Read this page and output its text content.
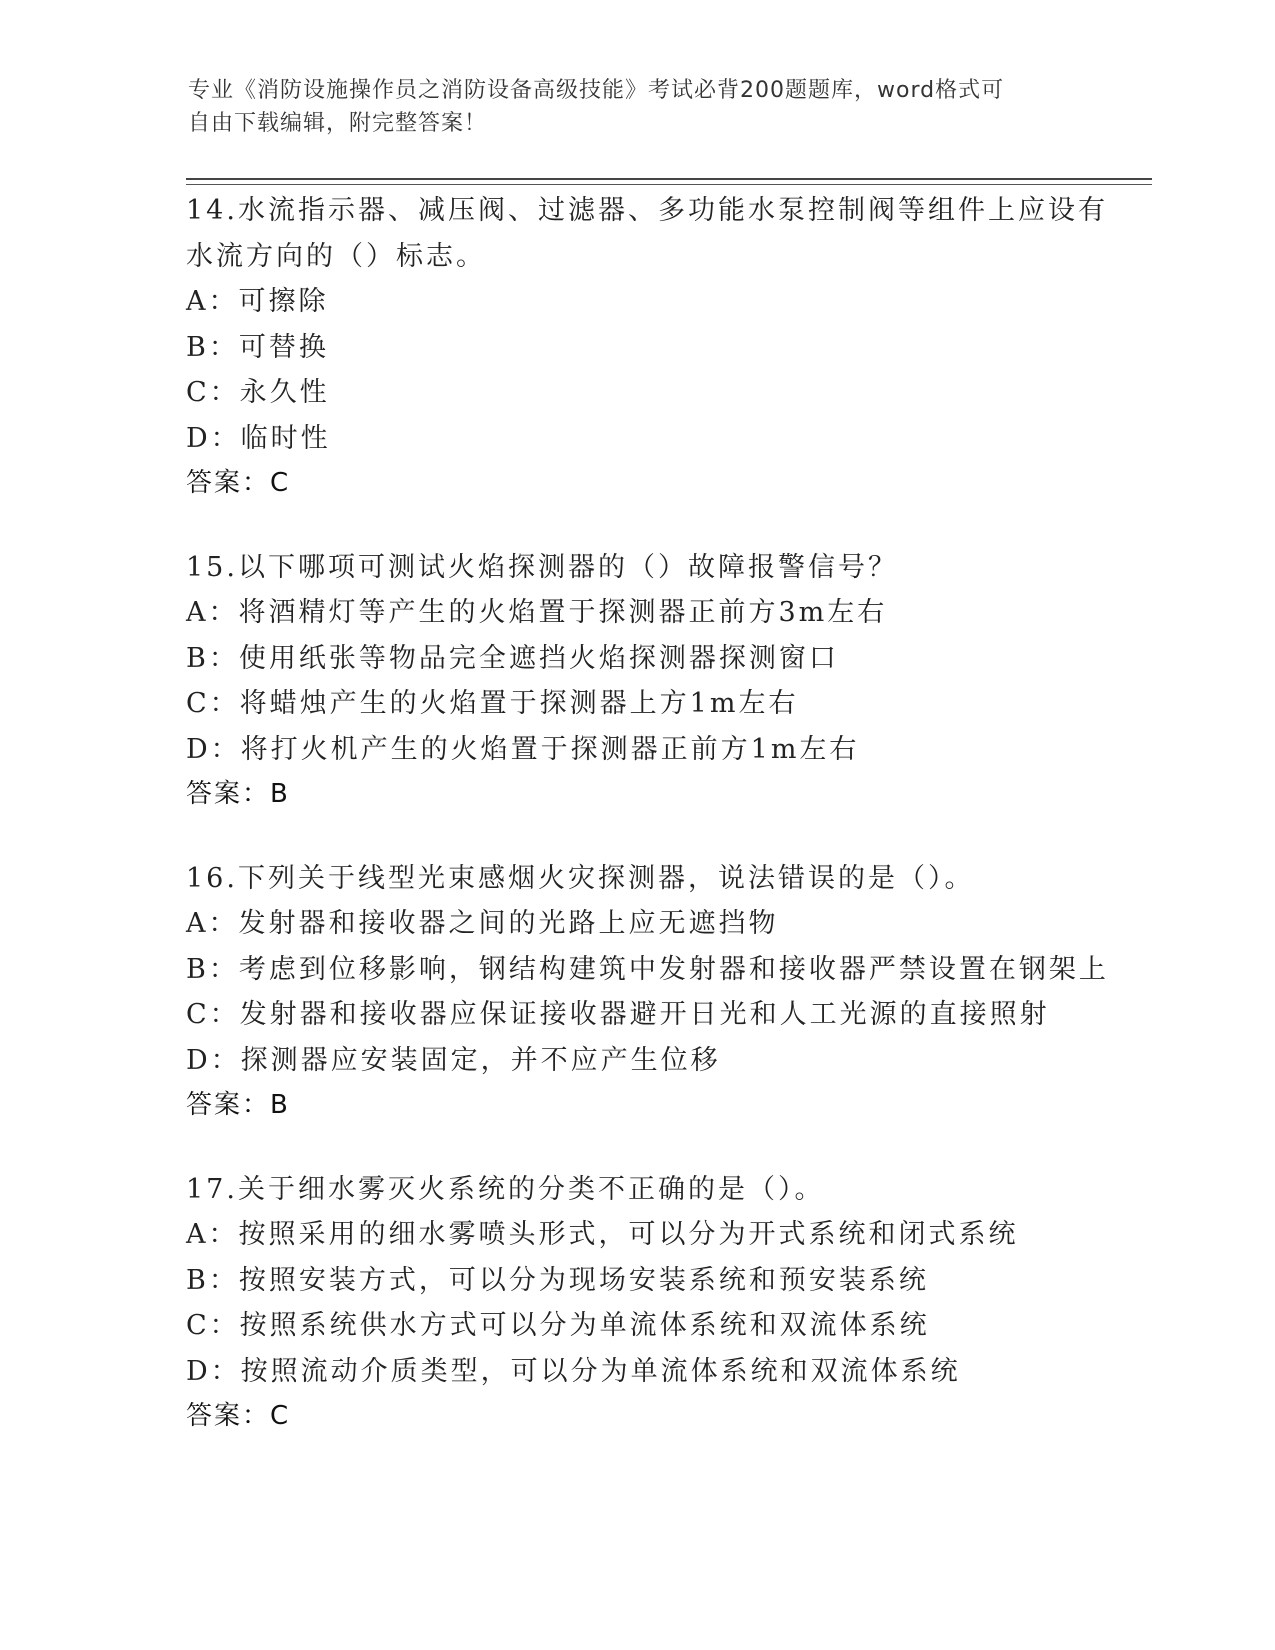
专业《消防设施操作员之消防设备高级技能》考试必背200题题库，word格式可
自由下载编辑，附完整答案！
14.水流指示器、减压阀、过滤器、多功能水泵控制阀等组件上应设有
水流方向的（）标志。
A：可擦除
B：可替换
C：永久性
D：临时性
答案：C
15.以下哪项可测试火焰探测器的（）故障报警信号？
A：将酒精灯等产生的火焰置于探测器正前方3m左右
B：使用纸张等物品完全遮挡火焰探测器探测窗口
C：将蜡烛产生的火焰置于探测器上方1m左右
D：将打火机产生的火焰置于探测器正前方1m左右
答案：B
16.下列关于线型光束感烟火灾探测器，说法错误的是（）。
A：发射器和接收器之间的光路上应无遮挡物
B：考虑到位移影响，钢结构建筑中发射器和接收器严禁设置在钢架上
C：发射器和接收器应保证接收器避开日光和人工光源的直接照射
D：探测器应安装固定，并不应产生位移
答案：B
17.关于细水雾灭火系统的分类不正确的是（）。
A：按照采用的细水雾喷头形式，可以分为开式系统和闭式系统
B：按照安装方式，可以分为现场安装系统和预安装系统
C：按照系统供水方式可以分为单流体系统和双流体系统
D：按照流动介质类型，可以分为单流体系统和双流体系统
答案：C
